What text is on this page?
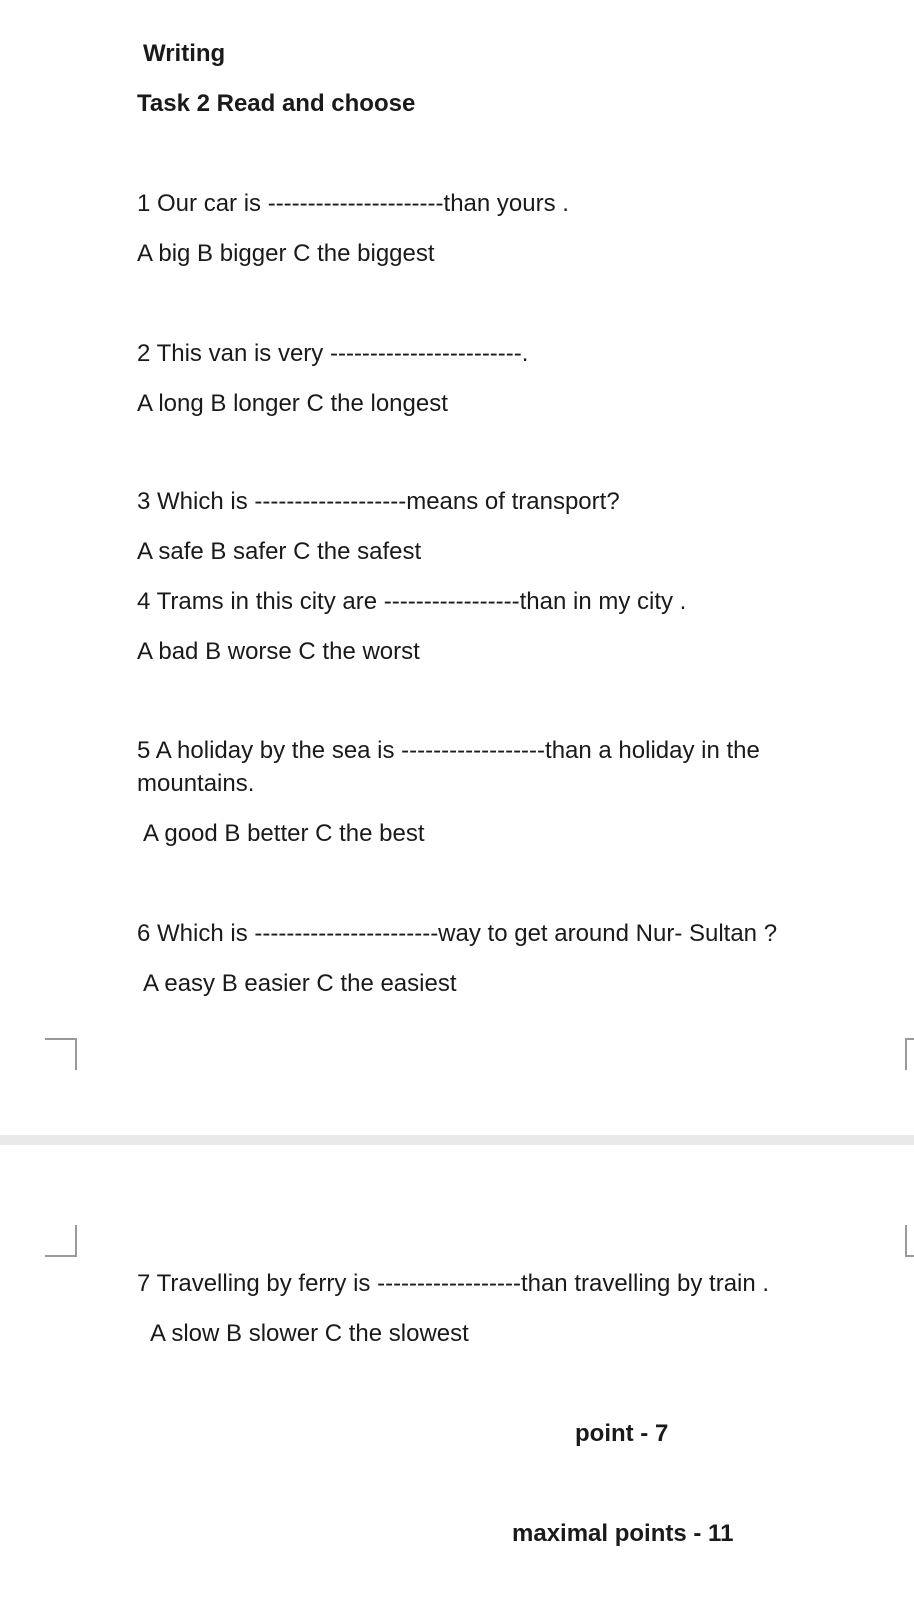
Writing
Task 2 Read and choose
1 Our car is ----------------------than yours .
A big B bigger C the biggest
2 This van is very ------------------------.
A long B longer C the longest
3 Which is -------------------means of transport?
A safe B safer C the safest
4 Trams in this city are -----------------than in my city .
A bad B worse C the worst
5 A holiday by the sea is ------------------than a holiday in the
mountains.
A good B better C the best
6 Which is -----------------------way to get around Nur- Sultan ?
A easy B easier C the easiest
7 Travelling by ferry is ------------------than travelling by train .
A slow B slower C the slowest
point - 7
maximal points - 11
